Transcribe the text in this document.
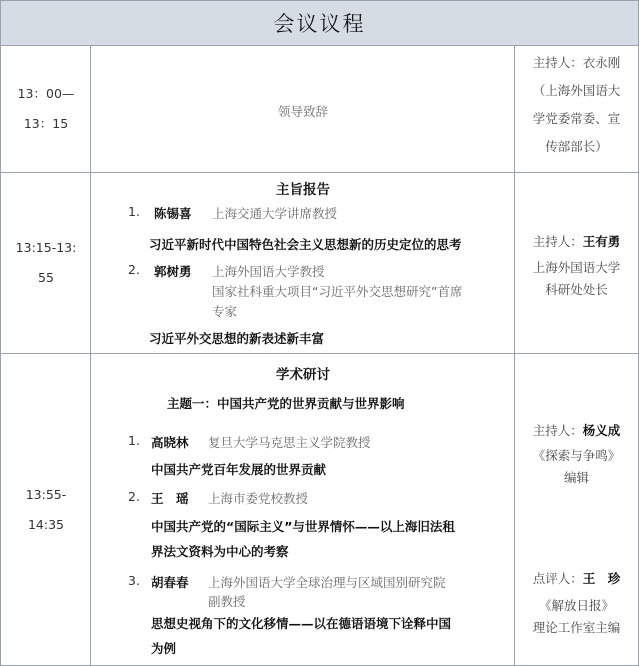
会议议程
13：00—
13：15
领导致辞
主持人：衣永刚
（上海外国语大
学党委常委、宣
传部部长）
13:15-13:
55
主旨报告
1. 陈锡喜 上海交通大学讲席教授
习近平新时代中国特色社会主义思想新的历史定位的思考
2. 郭树勇 上海外国语大学教授
国家社科重大项目“习近平外交思想研究”首席
专家
习近平外交思想的新表述新丰富
主持人：王有勇
上海外国语大学
科研处处长
13:55-
14:35
学术研讨
主题一：中国共产党的世界贡献与世界影响
1. 高晓林 复旦大学马克思主义学院教授
中国共产党百年发展的世界贡献
2. 王　瑶 上海市委党校教授
中国共产党的“国际主义”与世界情怀——以上海旧法租
界法文资料为中心的考察
3. 胡春春 上海外国语大学全球治理与区域国别研究院
副教授
思想史视角下的文化移情——以在德语语境下诠释中国
为例
主持人：杨义成
《探索与争鸣》
编辑
点评人：王　珍
《解放日报》
理论工作室主编
